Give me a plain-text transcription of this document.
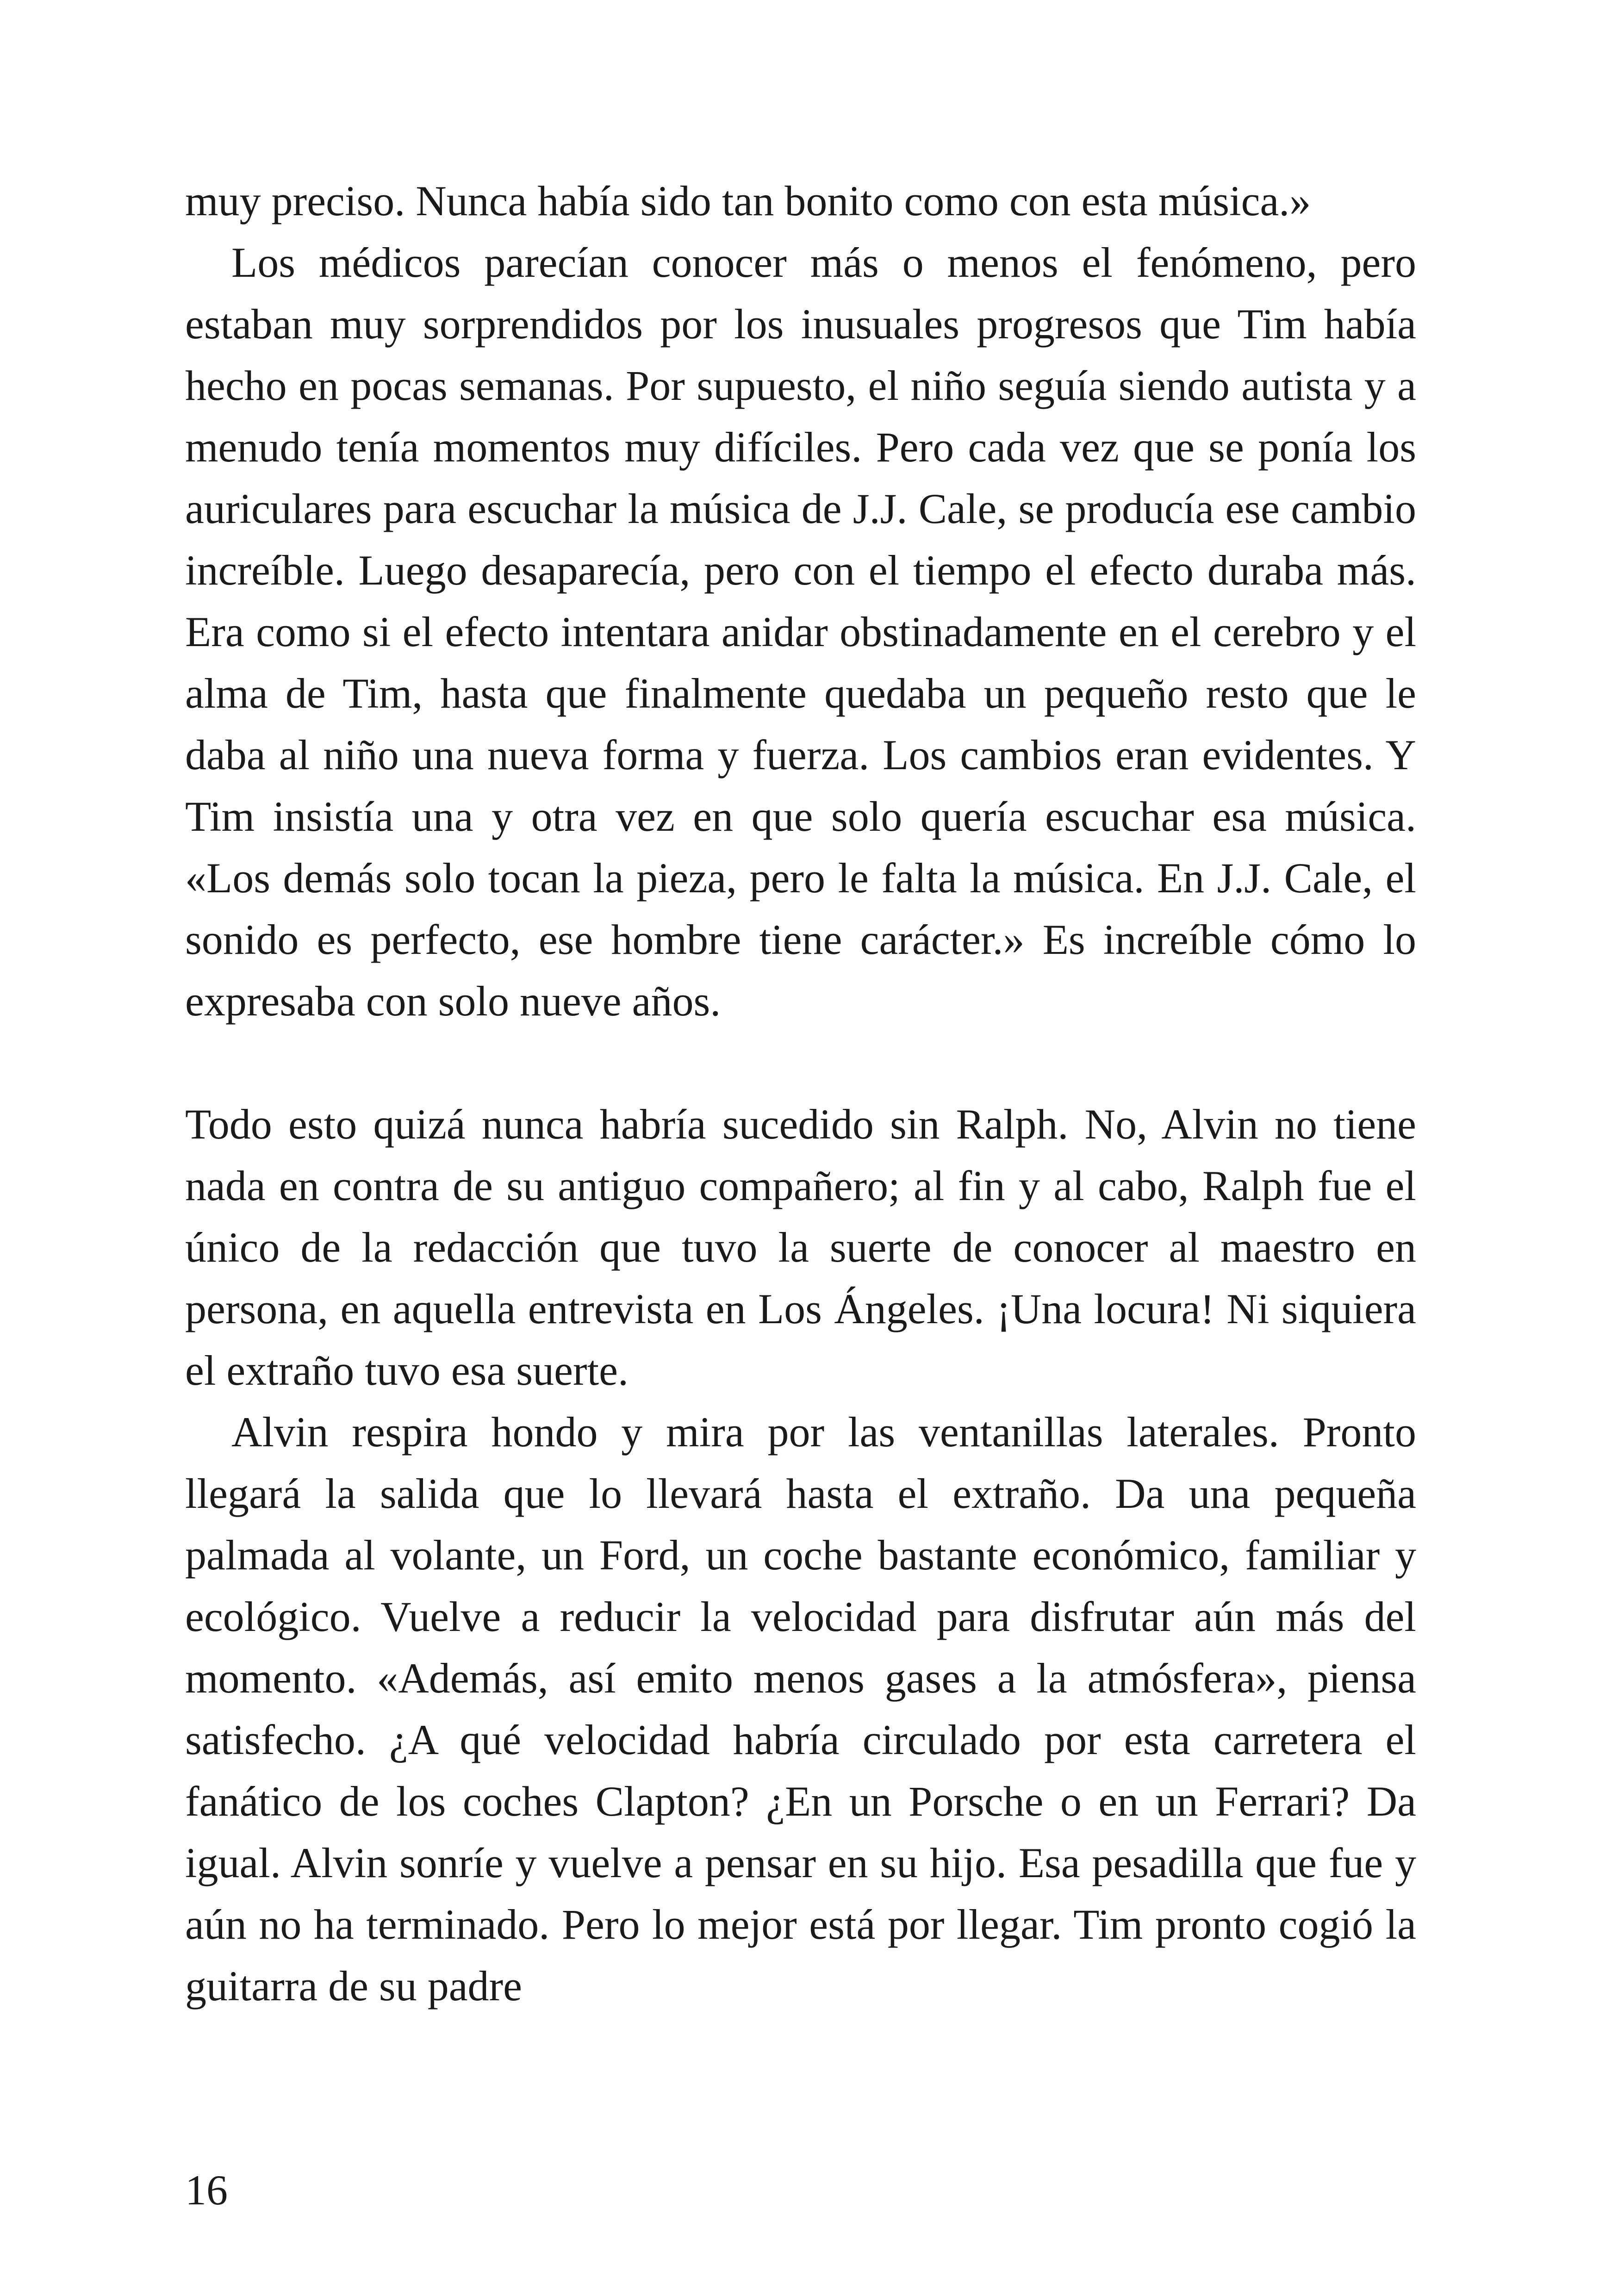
muy preciso. Nunca había sido tan bonito como con esta música.»

Los médicos parecían conocer más o menos el fenómeno, pero estaban muy sorprendidos por los inusuales progresos que Tim había hecho en pocas semanas. Por supuesto, el niño seguía siendo autista y a menudo tenía momentos muy difíciles. Pero cada vez que se ponía los auriculares para escuchar la música de J.J. Cale, se producía ese cambio increíble. Luego desaparecía, pero con el tiempo el efecto duraba más. Era como si el efecto intentara anidar obstinadamente en el cerebro y el alma de Tim, hasta que finalmente quedaba un pequeño resto que le daba al niño una nueva forma y fuerza. Los cambios eran evidentes. Y Tim insistía una y otra vez en que solo quería escuchar esa música. «Los demás solo tocan la pieza, pero le falta la música. En J.J. Cale, el sonido es perfecto, ese hombre tiene carácter.» Es increíble cómo lo expresaba con solo nueve años.

Todo esto quizá nunca habría sucedido sin Ralph. No, Alvin no tiene nada en contra de su antiguo compañero; al fin y al cabo, Ralph fue el único de la redacción que tuvo la suerte de conocer al maestro en persona, en aquella entrevista en Los Ángeles. ¡Una locura! Ni siquiera el extraño tuvo esa suerte.

Alvin respira hondo y mira por las ventanillas laterales. Pronto llegará la salida que lo llevará hasta el extraño. Da una pequeña palmada al volante, un Ford, un coche bastante económico, familiar y ecológico. Vuelve a reducir la velocidad para disfrutar aún más del momento. «Además, así emito menos gases a la atmósfera», piensa satisfecho. ¿A qué velocidad habría circulado por esta carretera el fanático de los coches Clapton? ¿En un Porsche o en un Ferrari? Da igual. Alvin sonríe y vuelve a pensar en su hijo. Esa pesadilla que fue y aún no ha terminado. Pero lo mejor está por llegar. Tim pronto cogió la guitarra de su padre

16
